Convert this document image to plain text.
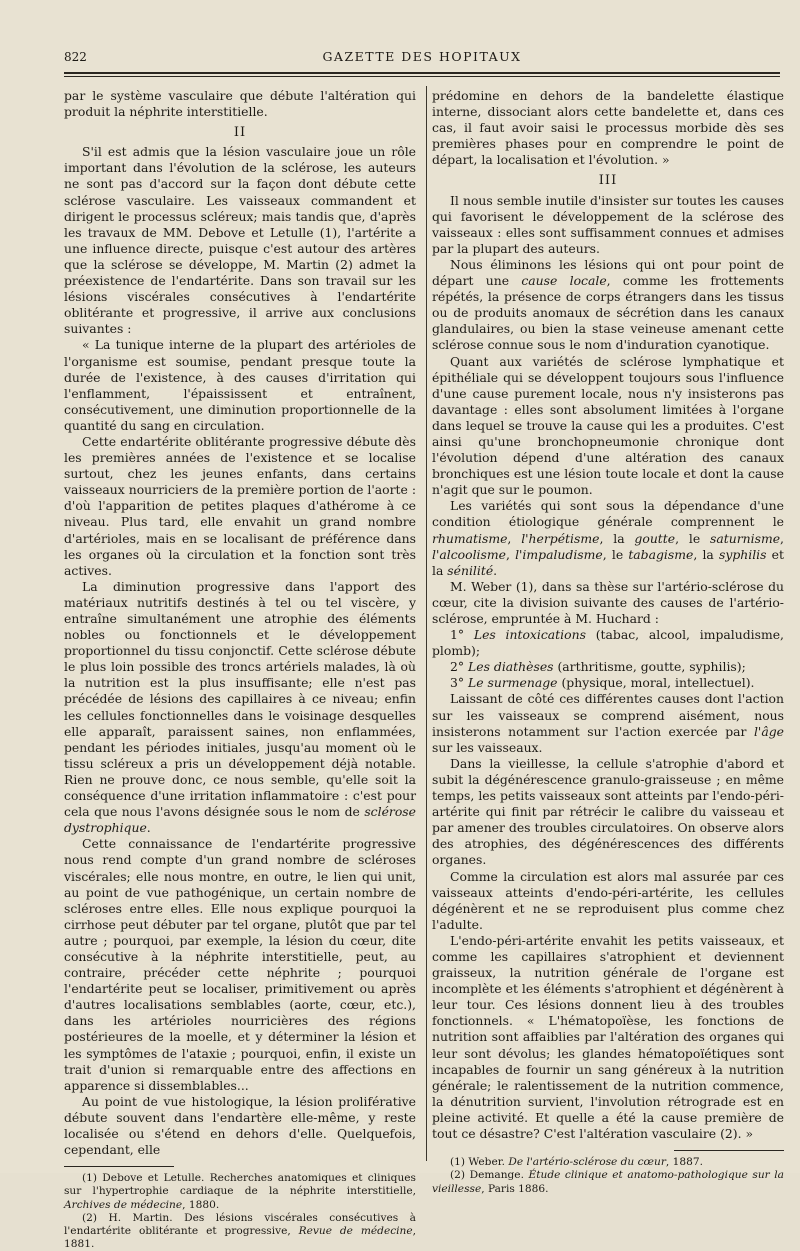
822	GAZETTE DES HOPITAUX

par le système vasculaire que débute l'altération qui produit la néphrite interstitielle.

II

S'il est admis que la lésion vasculaire joue un rôle important dans l'évolution de la sclérose, les auteurs ne sont pas d'accord sur la façon dont débute cette sclérose vasculaire. Les vaisseaux commandent et dirigent le processus scléreux; mais tandis que, d'après les travaux de MM. Debove et Letulle (1), l'artérite a une influence directe, puisque c'est autour des artères que la sclérose se développe, M. Martin (2) admet la préexistence de l'endartérite. Dans son travail sur les lésions viscérales consécutives à l'endartérite oblitérante et progressive, il arrive aux conclusions suivantes :

« La tunique interne de la plupart des artérioles de l'organisme est soumise, pendant presque toute la durée de l'existence, à des causes d'irritation qui l'enflamment, l'épaississent et entraînent, consécutivement, une diminution proportionnelle de la quantité du sang en circulation.

Cette endartérite oblitérante progressive débute dès les premières années de l'existence et se localise surtout, chez les jeunes enfants, dans certains vaisseaux nourriciers de la première portion de l'aorte : d'où l'apparition de petites plaques d'athérome à ce niveau. Plus tard, elle envahit un grand nombre d'artérioles, mais en se localisant de préférence dans les organes où la circulation et la fonction sont très actives.

La diminution progressive dans l'apport des matériaux nutritifs destinés à tel ou tel viscère, y entraîne simultanément une atrophie des éléments nobles ou fonctionnels et le développement proportionnel du tissu conjonctif. Cette sclérose débute le plus loin possible des troncs artériels malades, là où la nutrition est la plus insuffisante; elle n'est pas précédée de lésions des capillaires à ce niveau; enfin les cellules fonctionnelles dans le voisinage desquelles elle apparaît, paraissent saines, non enflammées, pendant les périodes initiales, jusqu'au moment où le tissu scléreux a pris un développement déjà notable. Rien ne prouve donc, ce nous semble, qu'elle soit la conséquence d'une irritation inflammatoire : c'est pour cela que nous l'avons désignée sous le nom de sclérose dystrophique.

Cette connaissance de l'endartérite progressive nous rend compte d'un grand nombre de scléroses viscérales; elle nous montre, en outre, le lien qui unit, au point de vue pathogénique, un certain nombre de scléroses entre elles. Elle nous explique pourquoi la cirrhose peut débuter par tel organe, plutôt que par tel autre ; pourquoi, par exemple, la lésion du cœur, dite consécutive à la néphrite interstitielle, peut, au contraire, précéder cette néphrite ; pourquoi l'endartérite peut se localiser, primitivement ou après d'autres localisations semblables (aorte, cœur, etc.), dans les artérioles nourricières des régions postérieures de la moelle, et y déterminer la lésion et les symptômes de l'ataxie ; pourquoi, enfin, il existe un trait d'union si remarquable entre des affections en apparence si dissemblables...

Au point de vue histologique, la lésion proliférative débute souvent dans l'endartère elle-même, y reste localisée ou s'étend en dehors d'elle. Quelquefois, cependant, elle

(1) Debove et Letulle. Recherches anatomiques et cliniques sur l'hypertrophie cardiaque de la néphrite interstitielle, Archives de médecine, 1880.

(2) H. Martin. Des lésions viscérales consécutives à l'endartérite oblitérante et progressive, Revue de médecine, 1881.

prédomine en dehors de la bandelette élastique interne, dissociant alors cette bandelette et, dans ces cas, il faut avoir saisi le processus morbide dès ses premières phases pour en comprendre le point de départ, la localisation et l'évolution. »

III

Il nous semble inutile d'insister sur toutes les causes qui favorisent le développement de la sclérose des vaisseaux : elles sont suffisamment connues et admises par la plupart des auteurs.

Nous éliminons les lésions qui ont pour point de départ une cause locale, comme les frottements répétés, la présence de corps étrangers dans les tissus ou de produits anomaux de sécrétion dans les canaux glandulaires, ou bien la stase veineuse amenant cette sclérose connue sous le nom d'induration cyanotique.

Quant aux variétés de sclérose lymphatique et épithéliale qui se développent toujours sous l'influence d'une cause purement locale, nous n'y insisterons pas davantage : elles sont absolument limitées à l'organe dans lequel se trouve la cause qui les a produites. C'est ainsi qu'une bronchopneumonie chronique dont l'évolution dépend d'une altération des canaux bronchiques est une lésion toute locale et dont la cause n'agit que sur le poumon.

Les variétés qui sont sous la dépendance d'une condition étiologique générale comprennent le rhumatisme, l'herpétisme, la goutte, le saturnisme, l'alcoolisme, l'impaludisme, le tabagisme, la syphilis et la sénilité.

M. Weber (1), dans sa thèse sur l'artério-sclérose du cœur, cite la division suivante des causes de l'artério-sclérose, empruntée à M. Huchard :

1° Les intoxications (tabac, alcool, impaludisme, plomb);

2° Les diathèses (arthritisme, goutte, syphilis);

3° Le surmenage (physique, moral, intellectuel).

Laissant de côté ces différentes causes dont l'action sur les vaisseaux se comprend aisément, nous insisterons notamment sur l'action exercée par l'âge sur les vaisseaux.

Dans la vieillesse, la cellule s'atrophie d'abord et subit la dégénérescence granulo-graisseuse ; en même temps, les petits vaisseaux sont atteints par l'endo-péri-artérite qui finit par rétrécir le calibre du vaisseau et par amener des troubles circulatoires. On observe alors des atrophies, des dégénérescences des différents organes.

Comme la circulation est alors mal assurée par ces vaisseaux atteints d'endo-péri-artérite, les cellules dégénèrent et ne se reproduisent plus comme chez l'adulte.

L'endo-péri-artérite envahit les petits vaisseaux, et comme les capillaires s'atrophient et deviennent graisseux, la nutrition générale de l'organe est incomplète et les éléments s'atrophient et dégénèrent à leur tour. Ces lésions donnent lieu à des troubles fonctionnels. « L'hématopoïèse, les fonctions de nutrition sont affaiblies par l'altération des organes qui leur sont dévolus; les glandes hématopoïétiques sont incapables de fournir un sang généreux à la nutrition générale; le ralentissement de la nutrition commence, la dénutrition survient, l'involution rétrograde est en pleine activité. Et quelle a été la cause première de tout ce désastre? C'est l'altération vasculaire (2). »

(1) Weber. De l'artério-sclérose du cœur, 1887.

(2) Demange. Étude clinique et anatomo-pathologique sur la vieillesse, Paris 1886.
